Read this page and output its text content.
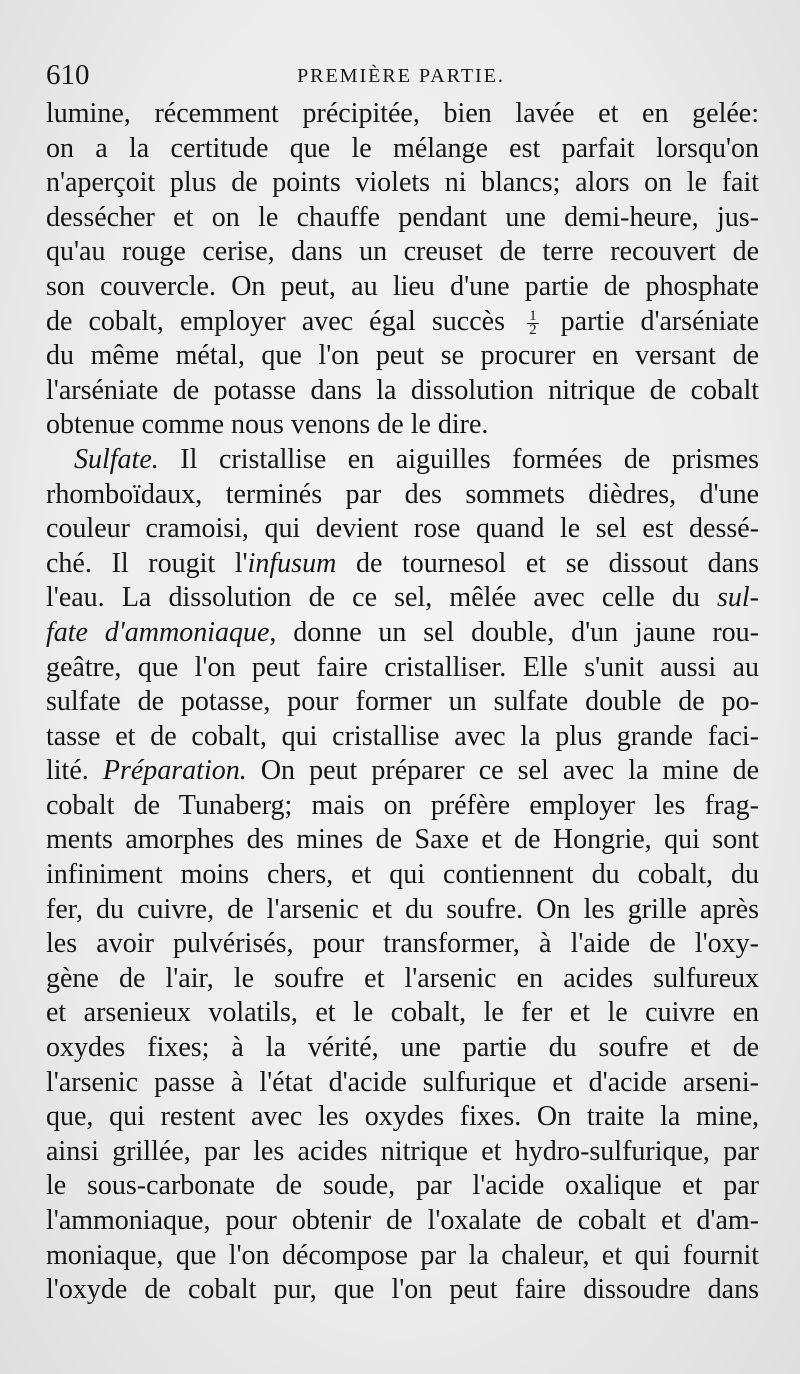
610	PREMIÈRE PARTIE.
lumine, récemment précipitée, bien lavée et en gelée:
on a la certitude que le mélange est parfait lorsqu'on
n'aperçoit plus de points violets ni blancs; alors on le fait
dessécher et on le chauffe pendant une demi-heure, jus-
qu'au rouge cerise, dans un creuset de terre recouvert de
son couvercle. On peut, au lieu d'une partie de phosphate
de cobalt, employer avec égal succès $\frac{1}{2}$ partie d'arséniate
du même métal, que l'on peut se procurer en versant de
l'arséniate de potasse dans la dissolution nitrique de cobalt
obtenue comme nous venons de le dire.
Sulfate. Il cristallise en aiguilles formées de prismes
rhomboïdaux, terminés par des sommets dièdres, d'une
couleur cramoisi, qui devient rose quand le sel est dessé-
ché. Il rougit l'infusum de tournesol et se dissout dans
l'eau. La dissolution de ce sel, mêlée avec celle du sul-
fate d'ammoniaque, donne un sel double, d'un jaune rou-
geâtre, que l'on peut faire cristalliser. Elle s'unit aussi au
sulfate de potasse, pour former un sulfate double de po-
tasse et de cobalt, qui cristallise avec la plus grande faci-
lité. Préparation. On peut préparer ce sel avec la mine de
cobalt de Tunaberg; mais on préfère employer les frag-
ments amorphes des mines de Saxe et de Hongrie, qui sont
infiniment moins chers, et qui contiennent du cobalt, du
fer, du cuivre, de l'arsenic et du soufre. On les grille après
les avoir pulvérisés, pour transformer, à l'aide de l'oxy-
gène de l'air, le soufre et l'arsenic en acides sulfureux
et arsenieux volatils, et le cobalt, le fer et le cuivre en
oxydes fixes; à la vérité, une partie du soufre et de
l'arsenic passe à l'état d'acide sulfurique et d'acide arseni-
que, qui restent avec les oxydes fixes. On traite la mine,
ainsi grillée, par les acides nitrique et hydro-sulfurique, par
le sous-carbonate de soude, par l'acide oxalique et par
l'ammoniaque, pour obtenir de l'oxalate de cobalt et d'am-
moniaque, que l'on décompose par la chaleur, et qui fournit
l'oxyde de cobalt pur, que l'on peut faire dissoudre dans
